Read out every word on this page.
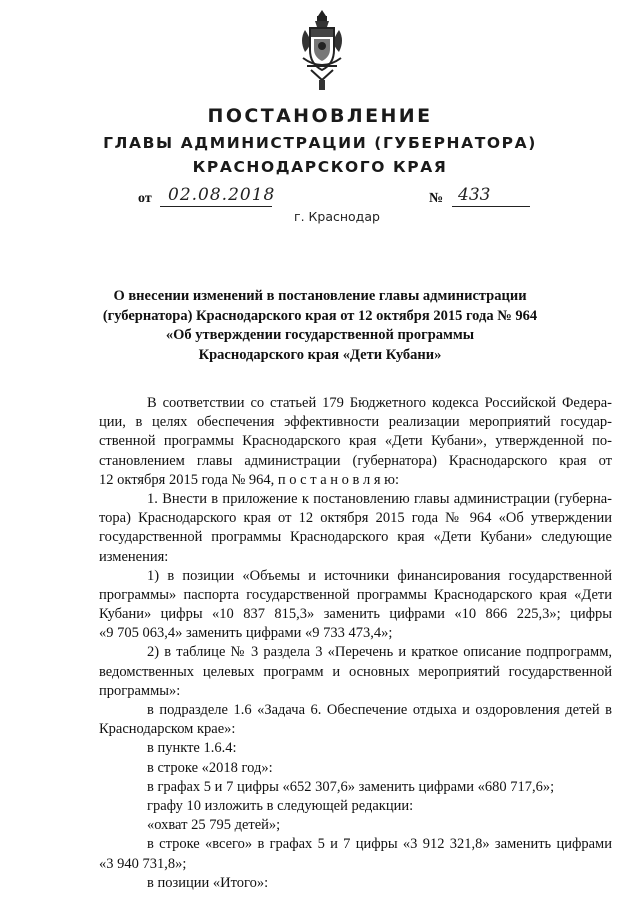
ПОСТАНОВЛЕНИЕ
ГЛАВЫ АДМИНИСТРАЦИИ (ГУБЕРНАТОРА)
КРАСНОДАРСКОГО КРАЯ
от 02.08.2018	№ 433
г. Краснодар
О внесении изменений в постановление главы администрации
(губернатора) Краснодарского края от 12 октября 2015 года № 964
«Об утверждении государственной программы
Краснодарского края «Дети Кубани»
В соответствии со статьей 179 Бюджетного кодекса Российской Федера-
ции, в целях обеспечения эффективности реализации мероприятий государ-
ственной программы Краснодарского края «Дети Кубани», утвержденной по-
становлением главы администрации (губернатора) Краснодарского края от
12 октября 2015 года № 964, п о с т а н о в л я ю:
1. Внести в приложение к постановлению главы администрации (губерна-
тора) Краснодарского края от 12 октября 2015 года № 964 «Об утверждении
государственной программы Краснодарского края «Дети Кубани» следующие
изменения:
1) в позиции «Объемы и источники финансирования государственной
программы» паспорта государственной программы Краснодарского края «Дети
Кубани» цифры «10 837 815,3» заменить цифрами «10 866 225,3»; цифры
«9 705 063,4» заменить цифрами «9 733 473,4»;
2) в таблице № 3 раздела 3 «Перечень и краткое описание подпрограмм,
ведомственных целевых программ и основных мероприятий государственной
программы»:
в подразделе 1.6 «Задача 6. Обеспечение отдыха и оздоровления детей в
Краснодарском крае»:
в пункте 1.6.4:
в строке «2018 год»:
в графах 5 и 7 цифры «652 307,6» заменить цифрами «680 717,6»;
графу 10 изложить в следующей редакции:
«охват 25 795 детей»;
в строке «всего» в графах 5 и 7 цифры «3 912 321,8» заменить цифрами
«3 940 731,8»;
в позиции «Итого»:
